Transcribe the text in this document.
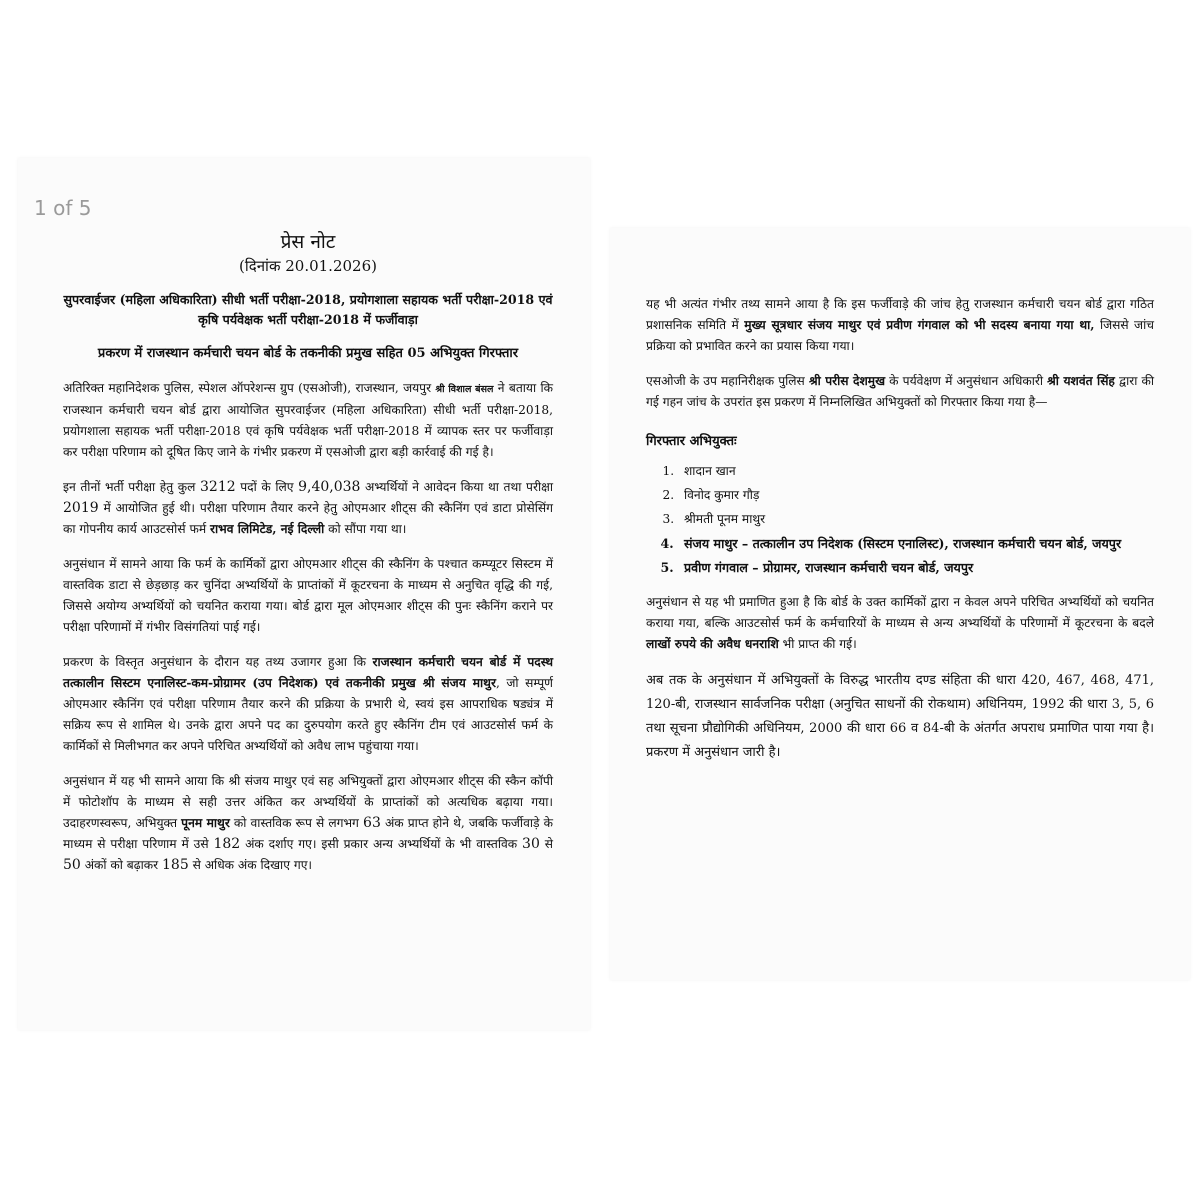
प्रेस नोट

(दिनांक 20.01.2026)

सुपरवाईजर (महिला अधिकारिता) सीधी भर्ती परीक्षा-2018, प्रयोगशाला सहायक भर्ती परीक्षा-2018 एवं कृषि पर्यवेक्षक भर्ती परीक्षा-2018 में फर्जीवाड़ा

प्रकरण में राजस्थान कर्मचारी चयन बोर्ड के तकनीकी प्रमुख सहित 05 अभियुक्त गिरफ्तार

अतिरिक्त महानिदेशक पुलिस, स्पेशल ऑपरेशन्स ग्रुप (एसओजी), राजस्थान, जयपुर श्री विशाल बंसल ने बताया कि राजस्थान कर्मचारी चयन बोर्ड द्वारा आयोजित सुपरवाईजर (महिला अधिकारिता) सीधी भर्ती परीक्षा-2018, प्रयोगशाला सहायक भर्ती परीक्षा-2018 एवं कृषि पर्यवेक्षक भर्ती परीक्षा-2018 में व्यापक स्तर पर फर्जीवाड़ा कर परीक्षा परिणाम को दूषित किए जाने के गंभीर प्रकरण में एसओजी द्वारा बड़ी कार्रवाई की गई है।

इन तीनों भर्ती परीक्षा हेतु कुल 3212 पदों के लिए 9,40,038 अभ्यर्थियों ने आवेदन किया था तथा परीक्षा 2019 में आयोजित हुई थी। परीक्षा परिणाम तैयार करने हेतु ओएमआर शीट्स की स्कैनिंग एवं डाटा प्रोसेसिंग का गोपनीय कार्य आउटसोर्स फर्म राभव लिमिटेड, नई दिल्ली को सौंपा गया था।

अनुसंधान में सामने आया कि फर्म के कार्मिकों द्वारा ओएमआर शीट्स की स्कैनिंग के पश्चात कम्प्यूटर सिस्टम में वास्तविक डाटा से छेड़छाड़ कर चुनिंदा अभ्यर्थियों के प्राप्तांकों में कूटरचना के माध्यम से अनुचित वृद्धि की गई, जिससे अयोग्य अभ्यर्थियों को चयनित कराया गया। बोर्ड द्वारा मूल ओएमआर शीट्स की पुनः स्कैनिंग कराने पर परीक्षा परिणामों में गंभीर विसंगतियां पाई गई।

प्रकरण के विस्तृत अनुसंधान के दौरान यह तथ्य उजागर हुआ कि राजस्थान कर्मचारी चयन बोर्ड में पदस्थ तत्कालीन सिस्टम एनालिस्ट-कम-प्रोग्रामर (उप निदेशक) एवं तकनीकी प्रमुख श्री संजय माथुर, जो सम्पूर्ण ओएमआर स्कैनिंग एवं परीक्षा परिणाम तैयार करने की प्रक्रिया के प्रभारी थे, स्वयं इस आपराधिक षड्यंत्र में सक्रिय रूप से शामिल थे। उनके द्वारा अपने पद का दुरुपयोग करते हुए स्कैनिंग टीम एवं आउटसोर्स फर्म के कार्मिकों से मिलीभगत कर अपने परिचित अभ्यर्थियों को अवैध लाभ पहुंचाया गया।

अनुसंधान में यह भी सामने आया कि श्री संजय माथुर एवं सह अभियुक्तों द्वारा ओएमआर शीट्स की स्कैन कॉपी में फोटोशॉप के माध्यम से सही उत्तर अंकित कर अभ्यर्थियों के प्राप्तांकों को अत्यधिक बढ़ाया गया। उदाहरणस्वरूप, अभियुक्त पूनम माथुर को वास्तविक रूप से लगभग 63 अंक प्राप्त होने थे, जबकि फर्जीवाड़े के माध्यम से परीक्षा परिणाम में उसे 182 अंक दर्शाए गए। इसी प्रकार अन्य अभ्यर्थियों के भी वास्तविक 30 से 50 अंकों को बढ़ाकर 185 से अधिक अंक दिखाए गए।

1 of 5

यह भी अत्यंत गंभीर तथ्य सामने आया है कि इस फर्जीवाड़े की जांच हेतु राजस्थान कर्मचारी चयन बोर्ड द्वारा गठित प्रशासनिक समिति में मुख्य सूत्रधार संजय माथुर एवं प्रवीण गंगवाल को भी सदस्य बनाया गया था, जिससे जांच प्रक्रिया को प्रभावित करने का प्रयास किया गया।

एसओजी के उप महानिरीक्षक पुलिस श्री परीस देशमुख के पर्यवेक्षण में अनुसंधान अधिकारी श्री यशवंत सिंह द्वारा की गई गहन जांच के उपरांत इस प्रकरण में निम्नलिखित अभियुक्तों को गिरफ्तार किया गया है—

गिरफ्तार अभियुक्तः

1. शादान खान
2. विनोद कुमार गौड़
3. श्रीमती पूनम माथुर
4. संजय माथुर – तत्कालीन उप निदेशक (सिस्टम एनालिस्ट), राजस्थान कर्मचारी चयन बोर्ड, जयपुर
5. प्रवीण गंगवाल – प्रोग्रामर, राजस्थान कर्मचारी चयन बोर्ड, जयपुर

अनुसंधान से यह भी प्रमाणित हुआ है कि बोर्ड के उक्त कार्मिकों द्वारा न केवल अपने परिचित अभ्यर्थियों को चयनित कराया गया, बल्कि आउटसोर्स फर्म के कर्मचारियों के माध्यम से अन्य अभ्यर्थियों के परिणामों में कूटरचना के बदले लाखों रुपये की अवैध धनराशि भी प्राप्त की गई।

अब तक के अनुसंधान में अभियुक्तों के विरुद्ध भारतीय दण्ड संहिता की धारा 420, 467, 468, 471, 120-बी, राजस्थान सार्वजनिक परीक्षा (अनुचित साधनों की रोकथाम) अधिनियम, 1992 की धारा 3, 5, 6 तथा सूचना प्रौद्योगिकी अधिनियम, 2000 की धारा 66 व 84-बी के अंतर्गत अपराध प्रमाणित पाया गया है। प्रकरण में अनुसंधान जारी है।
